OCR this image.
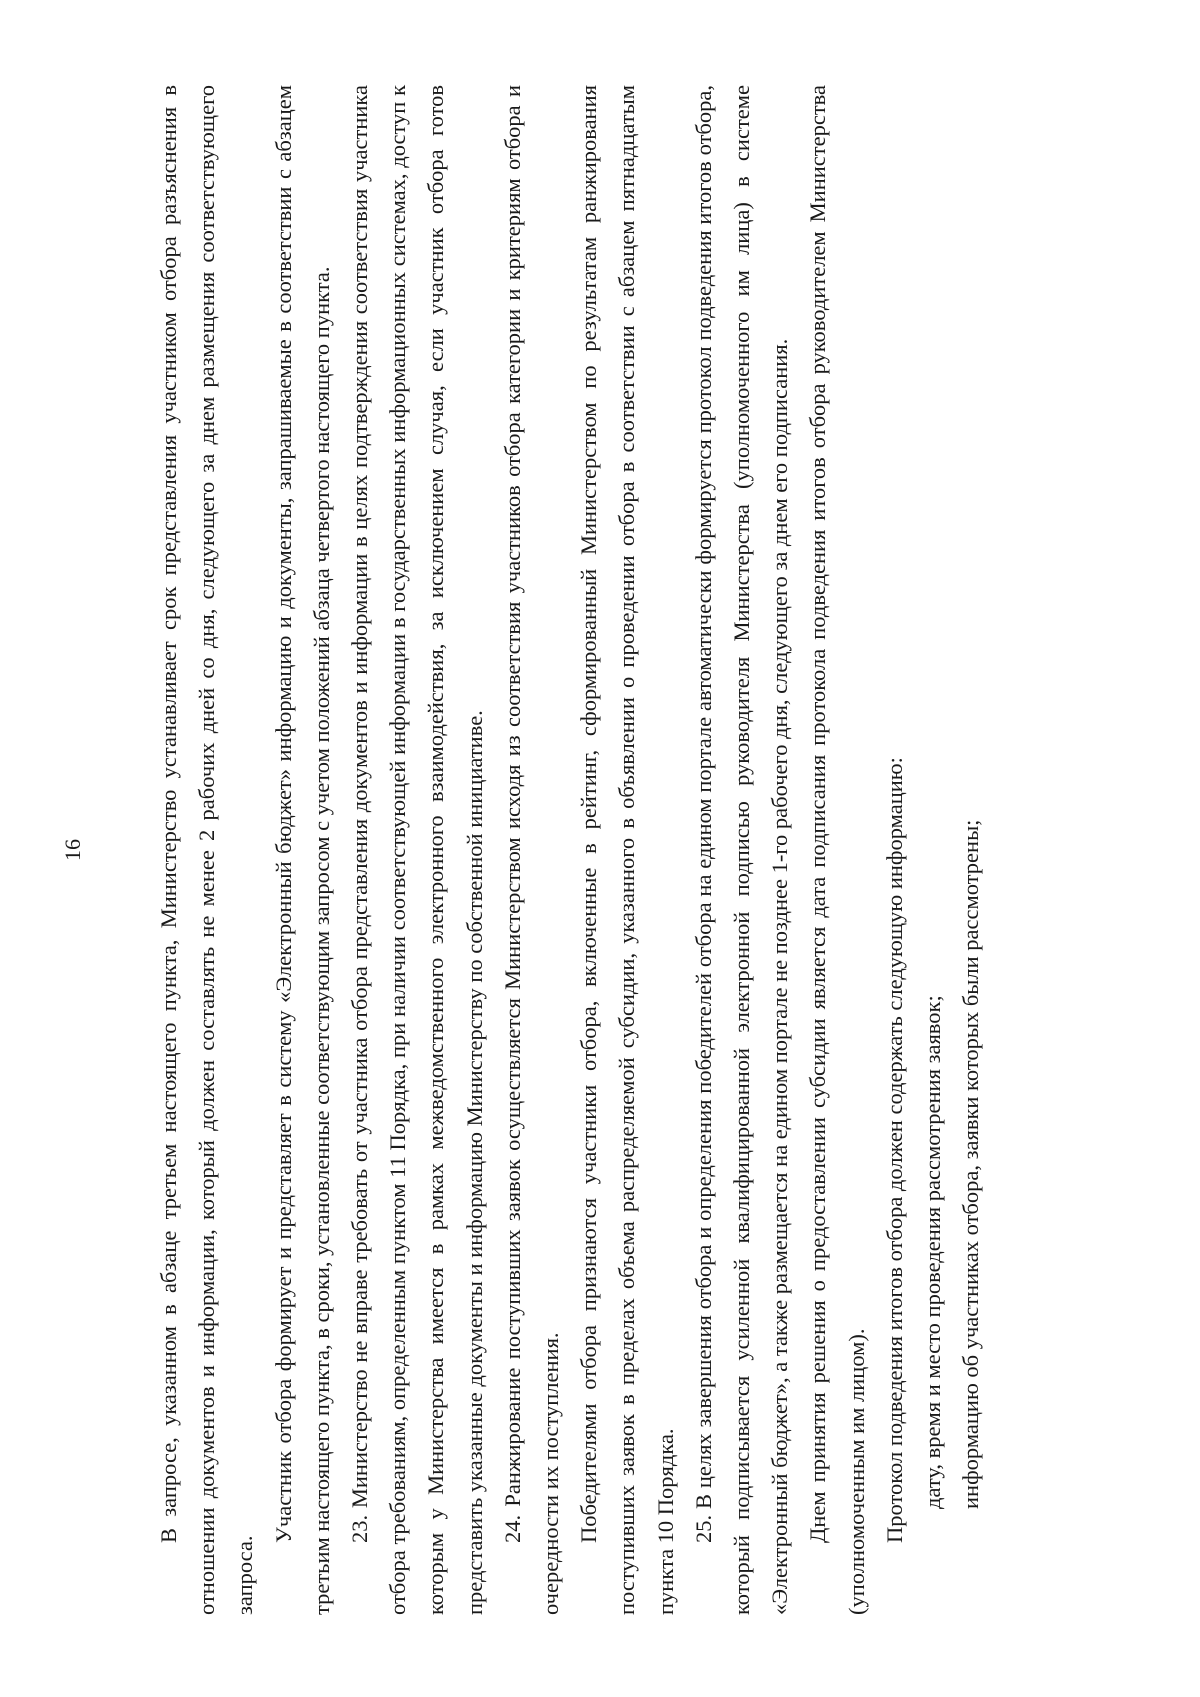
16	В запросе, указанном в абзаце третьем настоящего пункта, Министерство устанавливает срок представления участником отбора разъяснения в отношении документов и информации, который должен составлять не менее 2 рабочих дней со дня, следующего за днем размещения соответствующего запроса.

Участник отбора формирует и представляет в систему «Электронный бюджет» информацию и документы, запрашиваемые в соответствии с абзацем третьим настоящего пункта, в сроки, установленные соответствующим запросом с учетом положений абзаца четвертого настоящего пункта. 23. Министерство не вправе требовать от участника отбора представления документов и информации в целях подтверждения соответствия участника отбора требованиям, определенным пунктом 11 Порядка, при наличии соответствующей информации в государственных информационных системах, доступ к которым у Министерства имеется в рамках межведомственного электронного взаимодействия, за исключением случая, если участник отбора готов представить указанные документы и информацию Министерству по собственной инициативе. 24. Ранжирование поступивших заявок осуществляется Министерством исходя из соответствия участников отбора категории и критериям отбора и очередности их поступления. Победителями отбора признаются участники отбора, включенные в рейтинг, сформированный Министерством по результатам ранжирования поступивших заявок в пределах объема распределяемой субсидии, указанного в объявлении о проведении отбора в соответствии с абзацем пятнадцатым пункта 10 Порядка. 25. В целях завершения отбора и определения победителей отбора на едином портале автоматически формируется протокол подведения итогов отбора, который подписывается усиленной квалифицированной электронной подписью руководителя Министерства (уполномоченного им лица) в системе «Электронный бюджет», а также размещается на едином портале не позднее 1-го рабочего дня, следующего за днем его подписания. Днем принятия решения о предоставлении субсидии является дата подписания протокола подведения итогов отбора руководителем Министерства (уполномоченным им лицом). Протокол подведения итогов отбора должен содержать следующую информацию: дату, время и место проведения рассмотрения заявок; информацию об участниках отбора, заявки которых были рассмотрены;
